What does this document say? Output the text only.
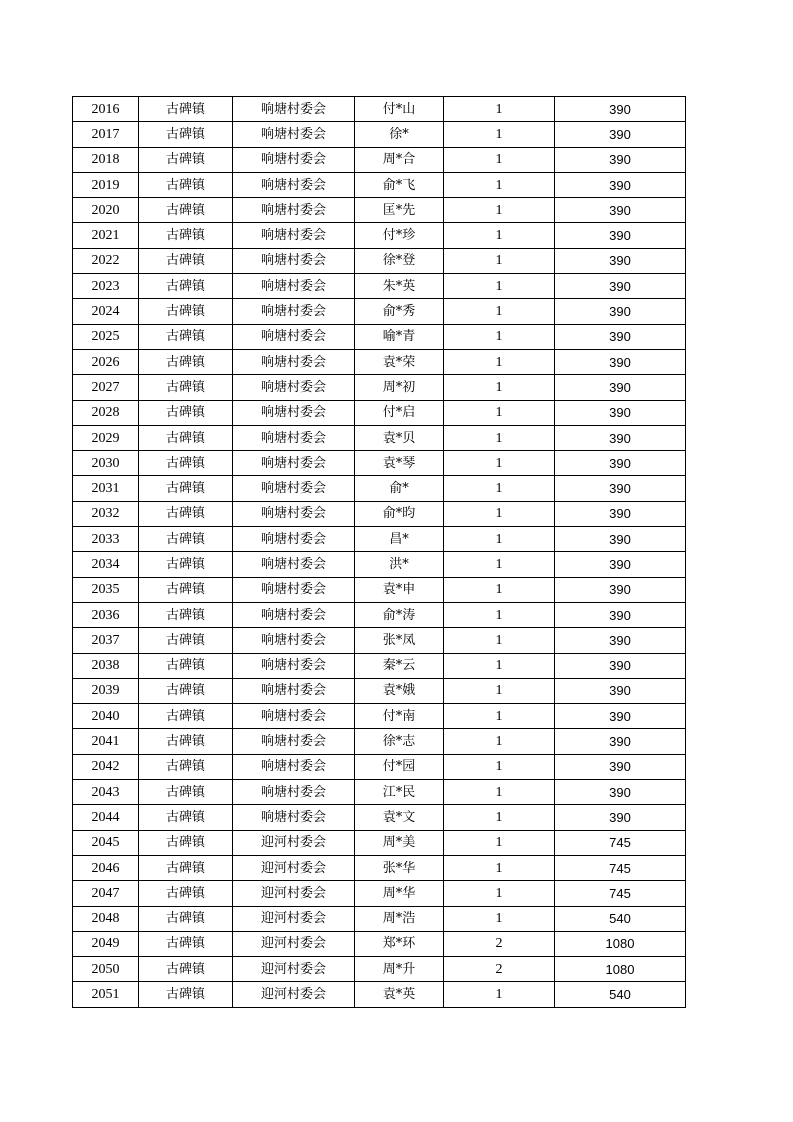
2016	古碑镇	响塘村委会	付*山	1	390
2017	古碑镇	响塘村委会	徐*	1	390
2018	古碑镇	响塘村委会	周*合	1	390
2019	古碑镇	响塘村委会	俞*飞	1	390
2020	古碑镇	响塘村委会	匡*先	1	390
2021	古碑镇	响塘村委会	付*珍	1	390
2022	古碑镇	响塘村委会	徐*登	1	390
2023	古碑镇	响塘村委会	朱*英	1	390
2024	古碑镇	响塘村委会	俞*秀	1	390
2025	古碑镇	响塘村委会	喻*青	1	390
2026	古碑镇	响塘村委会	袁*荣	1	390
2027	古碑镇	响塘村委会	周*初	1	390
2028	古碑镇	响塘村委会	付*启	1	390
2029	古碑镇	响塘村委会	袁*贝	1	390
2030	古碑镇	响塘村委会	袁*琴	1	390
2031	古碑镇	响塘村委会	俞*	1	390
2032	古碑镇	响塘村委会	俞*昀	1	390
2033	古碑镇	响塘村委会	昌*	1	390
2034	古碑镇	响塘村委会	洪*	1	390
2035	古碑镇	响塘村委会	袁*申	1	390
2036	古碑镇	响塘村委会	俞*涛	1	390
2037	古碑镇	响塘村委会	张*凤	1	390
2038	古碑镇	响塘村委会	秦*云	1	390
2039	古碑镇	响塘村委会	袁*娥	1	390
2040	古碑镇	响塘村委会	付*南	1	390
2041	古碑镇	响塘村委会	徐*志	1	390
2042	古碑镇	响塘村委会	付*园	1	390
2043	古碑镇	响塘村委会	江*民	1	390
2044	古碑镇	响塘村委会	袁*文	1	390
2045	古碑镇	迎河村委会	周*美	1	745
2046	古碑镇	迎河村委会	张*华	1	745
2047	古碑镇	迎河村委会	周*华	1	745
2048	古碑镇	迎河村委会	周*浩	1	540
2049	古碑镇	迎河村委会	郑*环	2	1080
2050	古碑镇	迎河村委会	周*升	2	1080
2051	古碑镇	迎河村委会	袁*英	1	540
